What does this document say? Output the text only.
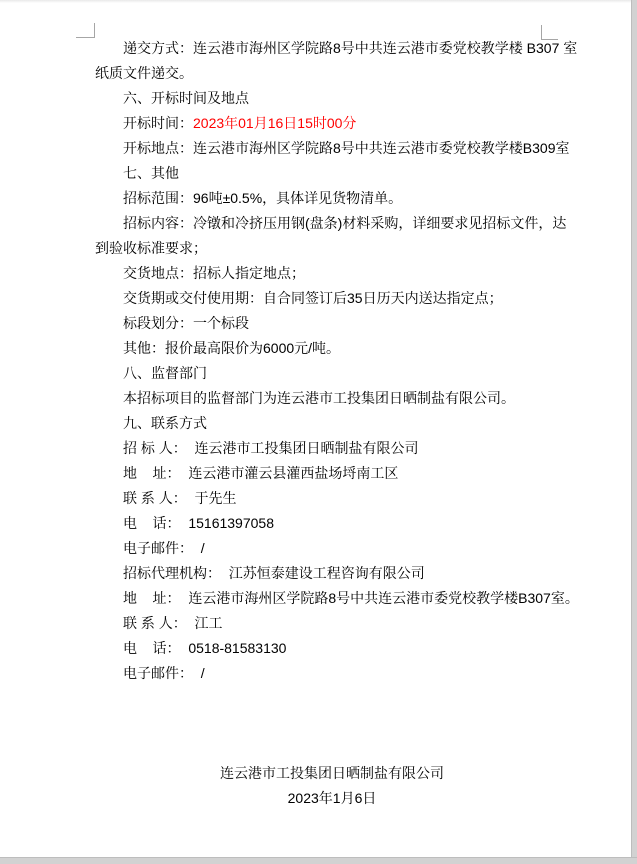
递交方式：连云港市海州区学院路8号中共连云港市委党校教学楼 B307 室
纸质文件递交。
六、开标时间及地点
开标时间：2023年01月16日15时00分
开标地点：连云港市海州区学院路8号中共连云港市委党校教学楼B309室
七、其他
招标范围：96吨±0.5%，具体详见货物清单。
招标内容：冷镦和冷挤压用钢(盘条)材料采购，详细要求见招标文件，达
到验收标准要求；
交货地点：招标人指定地点；
交货期或交付使用期：自合同签订后35日历天内送达指定点；
标段划分：一个标段
其他：报价最高限价为6000元/吨。
八、监督部门
本招标项目的监督部门为连云港市工投集团日晒制盐有限公司。
九、联系方式
招 标 人：  连云港市工投集团日晒制盐有限公司
地    址：  连云港市灌云县灌西盐场埒南工区
联 系 人：  于先生
电    话：  15161397058
电子邮件：  /
招标代理机构：  江苏恒泰建设工程咨询有限公司
地    址：  连云港市海州区学院路8号中共连云港市委党校教学楼B307室。
联 系 人：  江工
电    话：  0518-81583130
电子邮件：  /
连云港市工投集团日晒制盐有限公司
2023年1月6日
